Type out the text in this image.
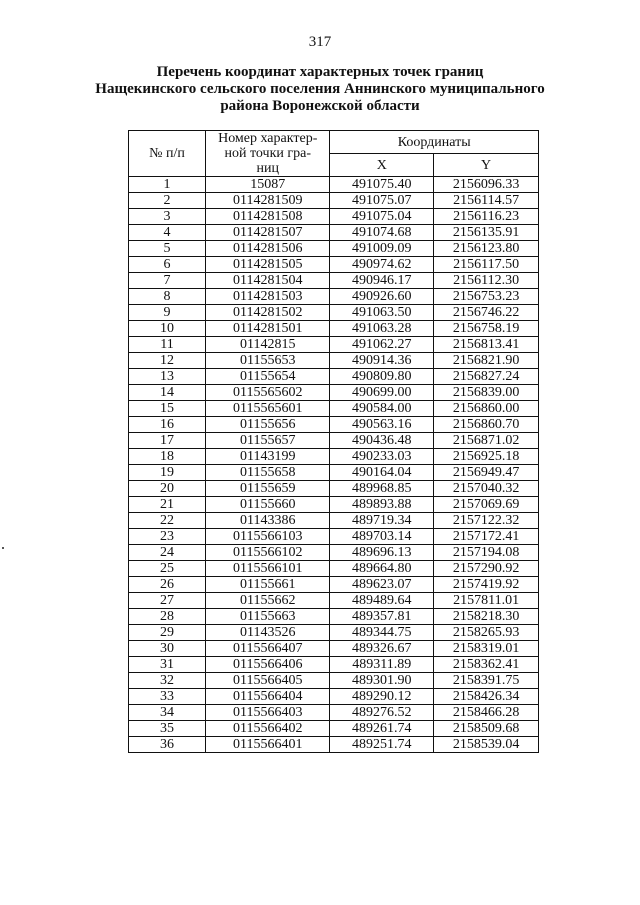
317
Перечень координат характерных точек границ
Нащекинского сельского поселения Аннинского муниципального
района Воронежской области
№ п/п	Номер характер-
ной точки гра-
ниц	Координаты	
		X	Y
1	15087	491075.40	2156096.33
2	0114281509	491075.07	2156114.57
3	0114281508	491075.04	2156116.23
4	0114281507	491074.68	2156135.91
5	0114281506	491009.09	2156123.80
6	0114281505	490974.62	2156117.50
7	0114281504	490946.17	2156112.30
8	0114281503	490926.60	2156753.23
9	0114281502	491063.50	2156746.22
10	0114281501	491063.28	2156758.19
11	01142815	491062.27	2156813.41
12	01155653	490914.36	2156821.90
13	01155654	490809.80	2156827.24
14	0115565602	490699.00	2156839.00
15	0115565601	490584.00	2156860.00
16	01155656	490563.16	2156860.70
17	01155657	490436.48	2156871.02
18	01143199	490233.03	2156925.18
19	01155658	490164.04	2156949.47
20	01155659	489968.85	2157040.32
21	01155660	489893.88	2157069.69
22	01143386	489719.34	2157122.32
23	0115566103	489703.14	2157172.41
24	0115566102	489696.13	2157194.08
25	0115566101	489664.80	2157290.92
26	01155661	489623.07	2157419.92
27	01155662	489489.64	2157811.01
28	01155663	489357.81	2158218.30
29	01143526	489344.75	2158265.93
30	0115566407	489326.67	2158319.01
31	0115566406	489311.89	2158362.41
32	0115566405	489301.90	2158391.75
33	0115566404	489290.12	2158426.34
34	0115566403	489276.52	2158466.28
35	0115566402	489261.74	2158509.68
36	0115566401	489251.74	2158539.04
